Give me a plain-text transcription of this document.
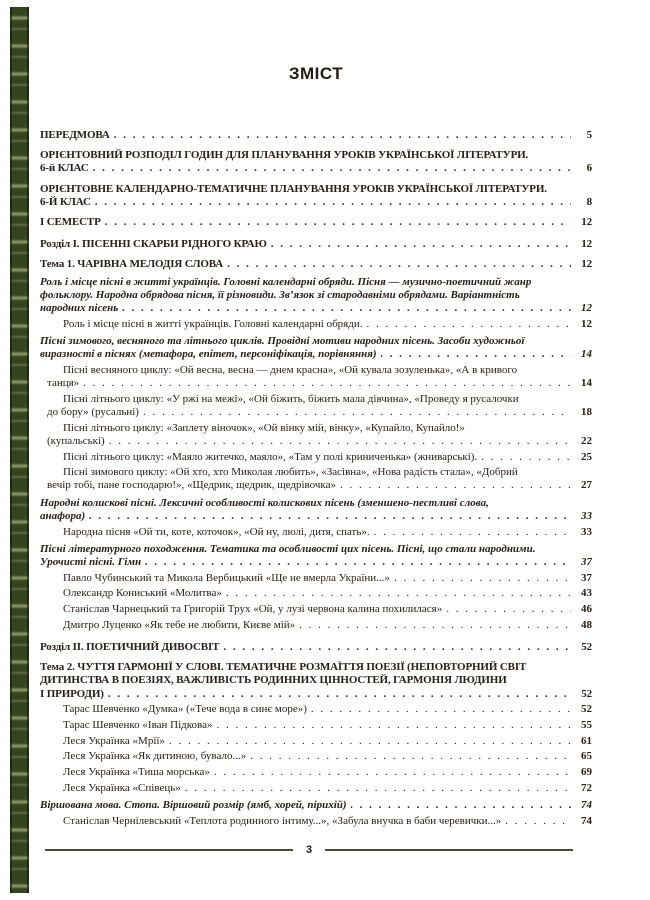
ЗМІСТ
ПЕРЕДМОВА . . .	5
ОРІЄНТОВНИЙ РОЗПОДІЛ ГОДИН ДЛЯ ПЛАНУВАННЯ УРОКІВ УКРАЇНСЬКОЇ ЛІТЕРАТУРИ.
6-й КЛАС . . .	6
ОРІЄНТОВНЕ КАЛЕНДАРНО-ТЕМАТИЧНЕ ПЛАНУВАННЯ УРОКІВ УКРАЇНСЬКОЇ ЛІТЕРАТУРИ.
6-Й КЛАС . . .	8
І СЕМЕСТР . . .	12
Розділ І. ПІСЕННІ СКАРБИ РІДНОГО КРАЮ . . .	12
Тема 1. ЧАРІВНА МЕЛОДІЯ СЛОВА . . .	12
Роль і місце пісні в житті українців. Головні календарні обряди. Пісня — музично-поетичний жанр
фольклору. Народна обрядова пісня, її різновиди. Зв’язок зі стародавніми обрядами. Варіантність
народних пісень . . .	12
Роль і місце пісні в житті українців. Головні календарні обряди. . . .	12
Пісні зимового, весняного та літнього циклів. Провідні мотиви народних пісень. Засоби художньої
виразності в піснях (метафора, епітет, персоніфікація, порівняння) . . .	14
Пісні весняного циклу: «Ой весна, весна — днем красна», «Ой кувала зозуленька», «А в кривого
танця» . . .	14
Пісні літнього циклу: «У ржі на межі», «Ой біжить, біжить мала дівчина», «Проведу я русалочки
до бору» (русальні) . . .	18
Пісні літнього циклу: «Заплету віночок», «Ой вінку мій, вінку», «Купайло, Купайло!»
(купальські) . . .	22
Пісні літнього циклу: «Маяло житечко, маяло», «Там у полі криниченька» (жниварські). . . .	25
Пісні зимового циклу: «Ой хто, хто Миколая любить», «Засівна», «Нова радість стала», «Добрий
вечір тобі, пане господарю!», «Щедрик, щедрик, щедрівочка» . . .	27
Народні колискові пісні. Лексичні особливості колискових пісень (зменшено-пестливі слова,
анафора) . . .	33
Народна пісня «Ой ти, коте, коточок», «Ой ну, люлі, дитя, спать». . . .	33
Пісні літературного походження. Тематика та особливості цих пісень. Пісні, що стали народними.
Урочисті пісні. Гімн . . .	37
Павло Чубинський та Микола Вербицький «Ще не вмерла України...» . . .	37
Олександр Кониський «Молитва» . . .	43
Станіслав Чарнецький та Григорій Трух «Ой, у лузі червона калина похилилася» . . .	46
Дмитро Луценко «Як тебе не любити, Києве мій» . . .	48
Розділ ІІ. ПОЕТИЧНИЙ ДИВОСВІТ . . .	52
Тема 2. ЧУТТЯ ГАРМОНІЇ У СЛОВІ. ТЕМАТИЧНЕ РОЗМАЇТТЯ ПОЕЗІЇ (НЕПОВТОРНИЙ СВІТ
ДИТИНСТВА В ПОЕЗІЯХ, ВАЖЛИВІСТЬ РОДИННИХ ЦІННОСТЕЙ, ГАРМОНІЯ ЛЮДИНИ
І ПРИРОДИ) . . .	52
Тарас Шевченко «Думка» («Тече вода в синє море») . . .	52
Тарас Шевченко «Іван Підкова» . . .	55
Леся Українка «Мрії» . . .	61
Леся Українка «Як дитиною, бувало...» . . .	65
Леся Українка «Тиша морська» . . .	69
Леся Українка «Співець» . . .	72
Віршована мова. Стопа. Віршовий розмір (ямб, хорей, пірихій) . . .	74
Станіслав Чернілевський «Теплота родинного інтиму...», «Забула внучка в баби черевички...» . . .	74
3
